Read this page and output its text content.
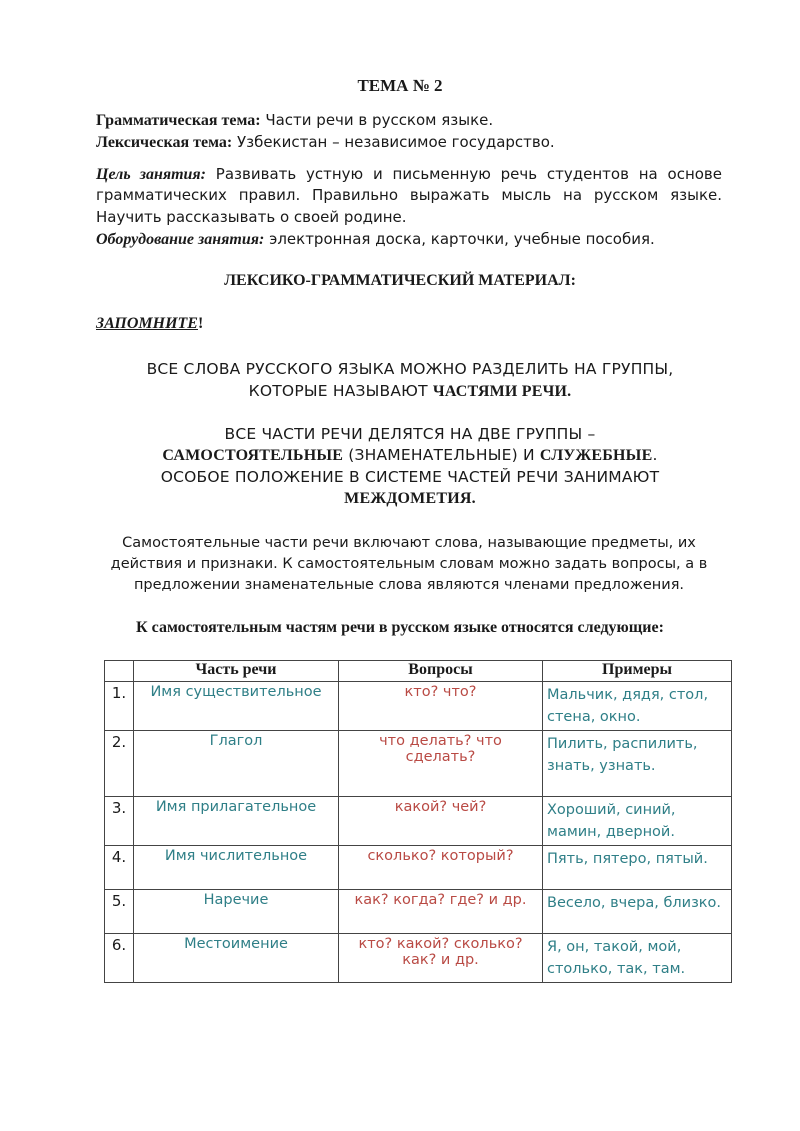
ТЕМА № 2
Грамматическая тема: Части речи в русском языке.
Лексическая тема: Узбекистан – независимое государство.
Цель занятия: Развивать устную и письменную речь студентов на основе
грамматических правил. Правильно выражать мысль на русском языке.
Научить рассказывать о своей родине.
Оборудование занятия: электронная доска, карточки, учебные пособия.
ЛЕКСИКО-ГРАММАТИЧЕСКИЙ МАТЕРИАЛ:
ЗАПОМНИТЕ!
ВСЕ СЛОВА РУССКОГО ЯЗЫКА МОЖНО РАЗДЕЛИТЬ НА ГРУППЫ,
КОТОРЫЕ НАЗЫВАЮТ ЧАСТЯМИ РЕЧИ.
ВСЕ ЧАСТИ РЕЧИ ДЕЛЯТСЯ НА ДВЕ ГРУППЫ –
САМОСТОЯТЕЛЬНЫЕ (ЗНАМЕНАТЕЛЬНЫЕ) И СЛУЖЕБНЫЕ.
ОСОБОЕ ПОЛОЖЕНИЕ В СИСТЕМЕ ЧАСТЕЙ РЕЧИ ЗАНИМАЮТ
МЕЖДОМЕТИЯ.
Самостоятельные части речи включают слова, называющие предметы, их
действия и признаки. К самостоятельным словам можно задать вопросы, а в
предложении знаменательные слова являются членами предложения.
К самостоятельным частям речи в русском языке относятся следующие:
	Часть речи	Вопросы	Примеры
1.	Имя существительное	кто? что?	Мальчик, дядя, стол, стена, окно.
2.	Глагол	что делать? что сделать?	Пилить, распилить, знать, узнать.
3.	Имя прилагательное	какой? чей?	Хороший, синий, мамин, дверной.
4.	Имя числительное	сколько? который?	Пять, пятеро, пятый.
5.	Наречие	как? когда? где? и др.	Весело, вчера, близко.
6.	Местоимение	кто? какой? сколько? как? и др.	Я, он, такой, мой, столько, так, там.
